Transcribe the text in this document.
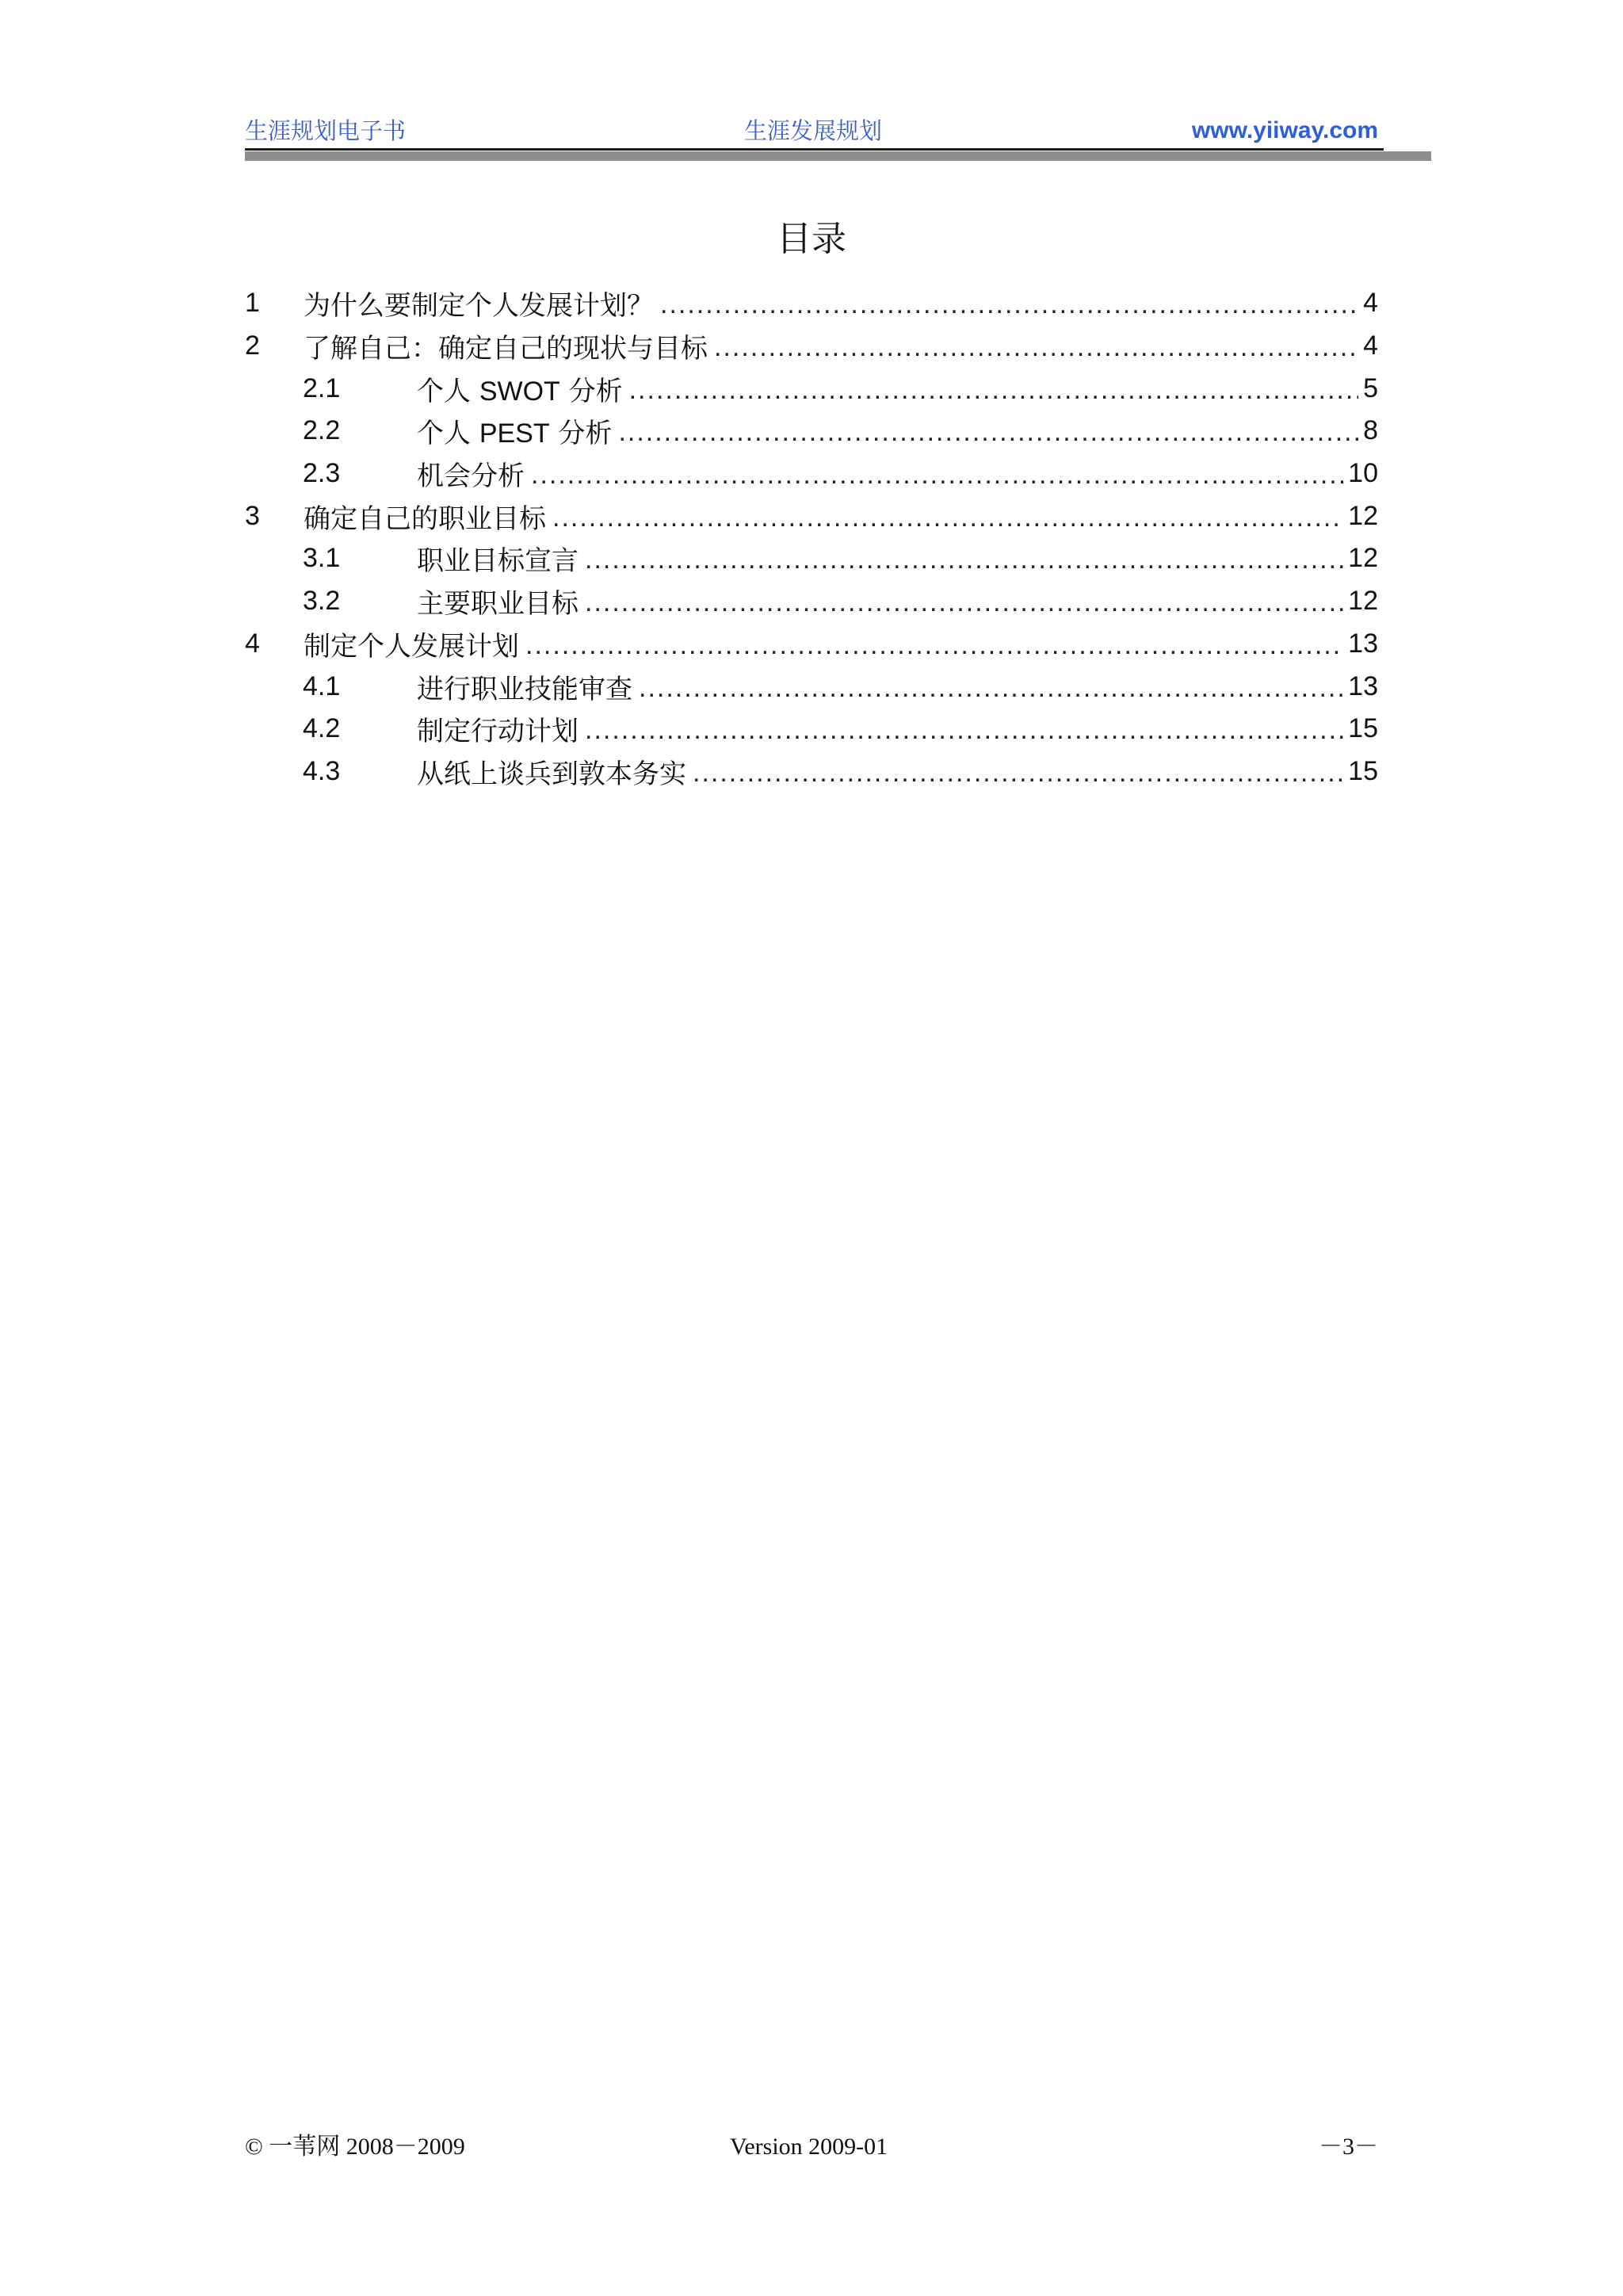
生涯规划电子书	生涯发展规划	www.yiiway.com
目录
1	为什么要制定个人发展计划？ .....	4
2	了解自己：确定自己的现状与目标 .....	4
2.1	个人 SWOT 分析 .....	5
2.2	个人 PEST 分析 .....	8
2.3	机会分析 .....	10
3	确定自己的职业目标 .....	12
3.1	职业目标宣言 .....	12
3.2	主要职业目标 .....	12
4	制定个人发展计划 .....	13
4.1	进行职业技能审查 .....	13
4.2	制定行动计划 .....	15
4.3	从纸上谈兵到敦本务实 .....	15
© 一苇网 2008－2009	Version 2009-01	－3－
